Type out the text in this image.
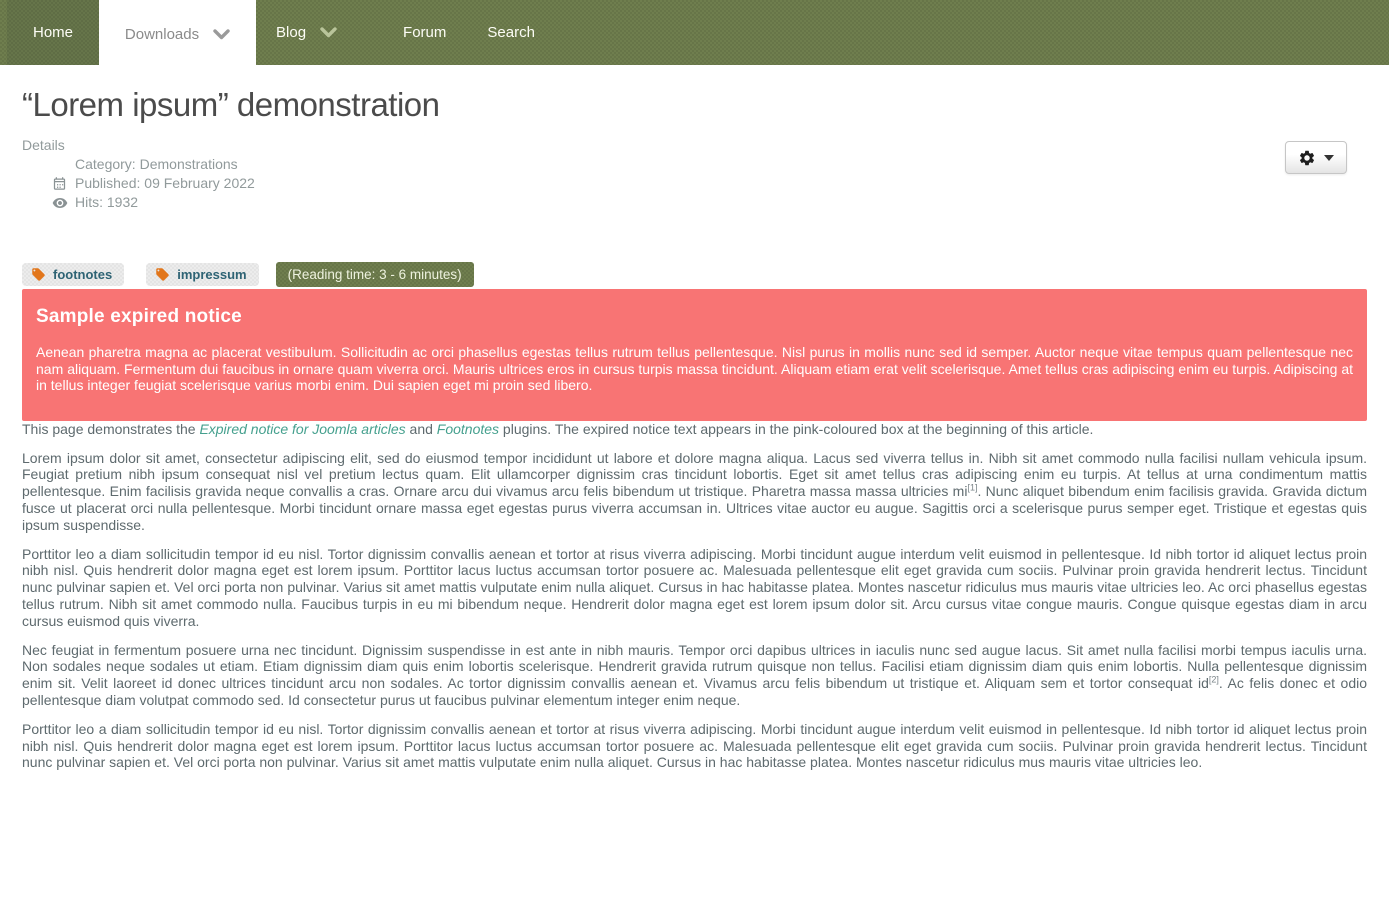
Home	Downloads	Blog	Forum	Search
“Lorem ipsum” demonstration
Details
Category:
Demonstrations
Published:
09 February 2022
Hits:
1932
footnotes	impressum	(Reading time: 3 - 6 minutes)
Sample expired notice

Aenean pharetra magna ac placerat vestibulum. Sollicitudin ac orci phasellus egestas tellus rutrum tellus pellentesque. Nisl purus in mollis nunc sed id semper. Auctor neque vitae tempus quam pellentesque nec nam aliquam. Fermentum dui faucibus in ornare quam viverra orci. Mauris ultrices eros in cursus turpis massa tincidunt. Aliquam etiam erat velit scelerisque. Amet tellus cras adipiscing enim eu turpis. Adipiscing at in tellus integer feugiat scelerisque varius morbi enim. Dui sapien eget mi proin sed libero.

This page demonstrates the Expired notice for Joomla articles and Footnotes plugins. The expired notice text appears in the pink-coloured box at the beginning of this article.

Lorem ipsum dolor sit amet, consectetur adipiscing elit, sed do eiusmod tempor incididunt ut labore et dolore magna aliqua. Lacus sed viverra tellus in. Nibh sit amet commodo nulla facilisi nullam vehicula ipsum. Feugiat pretium nibh ipsum consequat nisl vel pretium lectus quam. Elit ullamcorper dignissim cras tincidunt lobortis. Eget sit amet tellus cras adipiscing enim eu turpis. At tellus at urna condimentum mattis pellentesque. Enim facilisis gravida neque convallis a cras. Ornare arcu dui vivamus arcu felis bibendum ut tristique. Pharetra massa massa ultricies mi[1]. Nunc aliquet bibendum enim facilisis gravida. Gravida dictum fusce ut placerat orci nulla pellentesque. Morbi tincidunt ornare massa eget egestas purus viverra accumsan in. Ultrices vitae auctor eu augue. Sagittis orci a scelerisque purus semper eget. Tristique et egestas quis ipsum suspendisse.

Porttitor leo a diam sollicitudin tempor id eu nisl. Tortor dignissim convallis aenean et tortor at risus viverra adipiscing. Morbi tincidunt augue interdum velit euismod in pellentesque. Id nibh tortor id aliquet lectus proin nibh nisl. Quis hendrerit dolor magna eget est lorem ipsum. Porttitor lacus luctus accumsan tortor posuere ac. Malesuada pellentesque elit eget gravida cum sociis. Pulvinar proin gravida hendrerit lectus. Tincidunt nunc pulvinar sapien et. Vel orci porta non pulvinar. Varius sit amet mattis vulputate enim nulla aliquet. Cursus in hac habitasse platea. Montes nascetur ridiculus mus mauris vitae ultricies leo. Ac orci phasellus egestas tellus rutrum. Nibh sit amet commodo nulla. Faucibus turpis in eu mi bibendum neque. Hendrerit dolor magna eget est lorem ipsum dolor sit. Arcu cursus vitae congue mauris. Congue quisque egestas diam in arcu cursus euismod quis viverra.

Nec feugiat in fermentum posuere urna nec tincidunt. Dignissim suspendisse in est ante in nibh mauris. Tempor orci dapibus ultrices in iaculis nunc sed augue lacus. Sit amet nulla facilisi morbi tempus iaculis urna. Non sodales neque sodales ut etiam. Etiam dignissim diam quis enim lobortis scelerisque. Hendrerit gravida rutrum quisque non tellus. Facilisi etiam dignissim diam quis enim lobortis. Nulla pellentesque dignissim enim sit. Velit laoreet id donec ultrices tincidunt arcu non sodales. Ac tortor dignissim convallis aenean et. Vivamus arcu felis bibendum ut tristique et. Aliquam sem et tortor consequat id[2]. Ac felis donec et odio pellentesque diam volutpat commodo sed. Id consectetur purus ut faucibus pulvinar elementum integer enim neque.

Porttitor leo a diam sollicitudin tempor id eu nisl. Tortor dignissim convallis aenean et tortor at risus viverra adipiscing. Morbi tincidunt augue interdum velit euismod in pellentesque. Id nibh tortor id aliquet lectus proin nibh nisl. Quis hendrerit dolor magna eget est lorem ipsum. Porttitor lacus luctus accumsan tortor posuere ac. Malesuada pellentesque elit eget gravida cum sociis. Pulvinar proin gravida hendrerit lectus. Tincidunt nunc pulvinar sapien et. Vel orci porta non pulvinar. Varius sit amet mattis vulputate enim nulla aliquet. Cursus in hac habitasse platea. Montes nascetur ridiculus mus mauris vitae ultricies leo.
